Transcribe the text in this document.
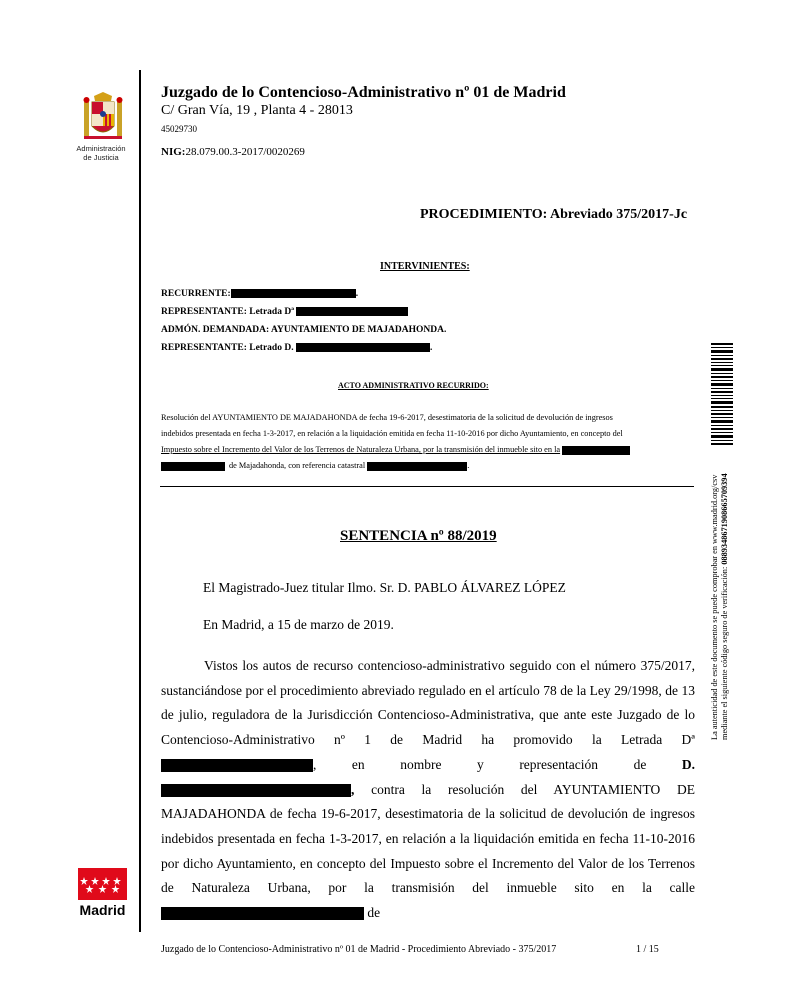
Administración
de Justicia
Madrid
Juzgado de lo Contencioso-Administrativo nº 01 de Madrid
C/ Gran Vía, 19 , Planta 4 - 28013
45029730
NIG:28.079.00.3-2017/0020269
PROCEDIMIENTO: Abreviado 375/2017-Jc
INTERVINIENTES:
RECURRENTE:	.
REPRESENTANTE: Letrada Dª
ADMÓN. DEMANDADA: AYUNTAMIENTO DE MAJADAHONDA.
REPRESENTANTE: Letrado D.	.
ACTO ADMINISTRATIVO RECURRIDO:
Resolución del AYUNTAMIENTO DE MAJADAHONDA de fecha 19-6-2017, desestimatoria de la solicitud de devolución de ingresos
indebidos presentada en fecha 1-3-2017, en relación a la liquidación emitida en fecha 11-10-2016 por dicho Ayuntamiento, en concepto del
Impuesto sobre el Incremento del Valor de los Terrenos de Naturaleza Urbana, por la transmisión del inmueble sito en la
de Majadahonda, con referencia catastral	.
SENTENCIA nº 88/2019
El Magistrado-Juez titular Ilmo. Sr. D. PABLO ÁLVAREZ LÓPEZ
En Madrid, a 15 de marzo de 2019.

Vistos los autos de recurso contencioso-administrativo seguido con el número 375/2017, sustanciándose por el procedimiento abreviado regulado en el artículo 78 de la Ley 29/1998, de 13 de julio, reguladora de la Jurisdicción Contencioso-Administrativa, que ante este Juzgado de lo Contencioso-Administrativo nº 1 de Madrid ha promovido la Letrada Dª, en nombre y representación de	D. , contra la resolución del AYUNTAMIENTO DE MAJADAHONDA de fecha 19-6-2017, desestimatoria de la solicitud de devolución de ingresos indebidos presentada en fecha 1-3-2017, en relación a la liquidación emitida en fecha 11-10-2016 por dicho Ayuntamiento, en concepto del Impuesto sobre el Incremento del Valor de los Terrenos de Naturaleza Urbana, por la transmisión del inmueble sito en la calle  de

La autenticidad de este documento se puede comprobar en www.madrid.org/csv mediante el siguiente código seguro de verificación: 0889348671908665709394
Juzgado de lo Contencioso-Administrativo nº 01 de Madrid - Procedimiento Abreviado - 375/2017	1 / 15
